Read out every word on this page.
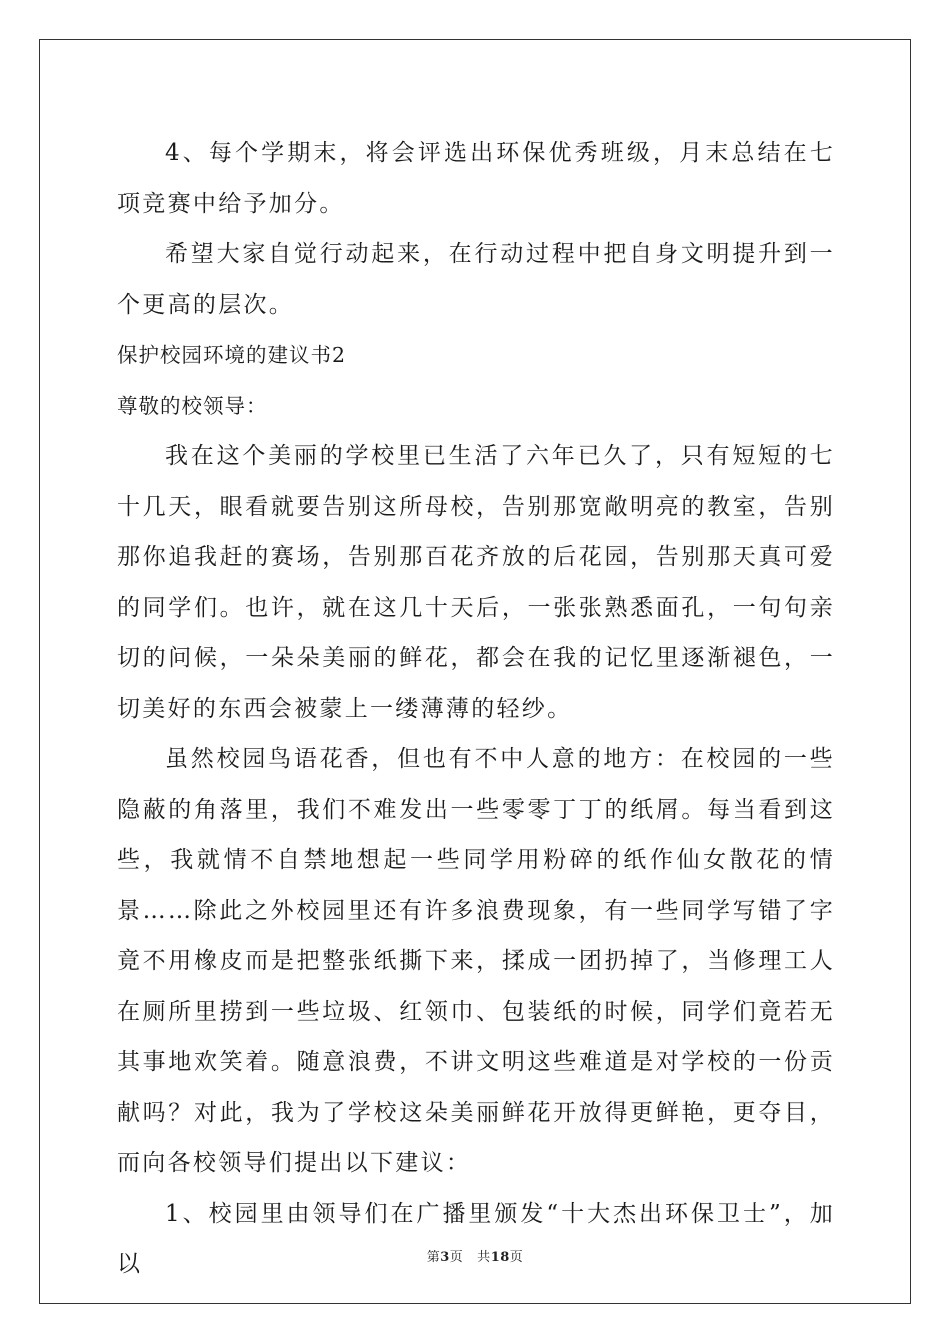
4、每个学期末，将会评选出环保优秀班级，月末总结在七项竞赛中给予加分。

希望大家自觉行动起来，在行动过程中把自身文明提升到一个更高的层次。

保护校园环境的建议书2

尊敬的校领导：

我在这个美丽的学校里已生活了六年已久了，只有短短的七十几天，眼看就要告别这所母校，告别那宽敞明亮的教室，告别那你追我赶的赛场，告别那百花齐放的后花园，告别那天真可爱的同学们。也许，就在这几十天后，一张张熟悉面孔，一句句亲切的问候，一朵朵美丽的鲜花，都会在我的记忆里逐渐褪色，一切美好的东西会被蒙上一缕薄薄的轻纱。

虽然校园鸟语花香，但也有不中人意的地方：在校园的一些隐蔽的角落里，我们不难发出一些零零丁丁的纸屑。每当看到这些，我就情不自禁地想起一些同学用粉碎的纸作仙女散花的情景……除此之外校园里还有许多浪费现象，有一些同学写错了字竟不用橡皮而是把整张纸撕下来，揉成一团扔掉了，当修理工人在厕所里捞到一些垃圾、红领巾、包装纸的时候，同学们竟若无其事地欢笑着。随意浪费，不讲文明这些难道是对学校的一份贡献吗？对此，我为了学校这朵美丽鲜花开放得更鲜艳，更夺目，而向各校领导们提出以下建议：

1、校园里由领导们在广播里颁发“十大杰出环保卫士”，加以	第3页 共18页
